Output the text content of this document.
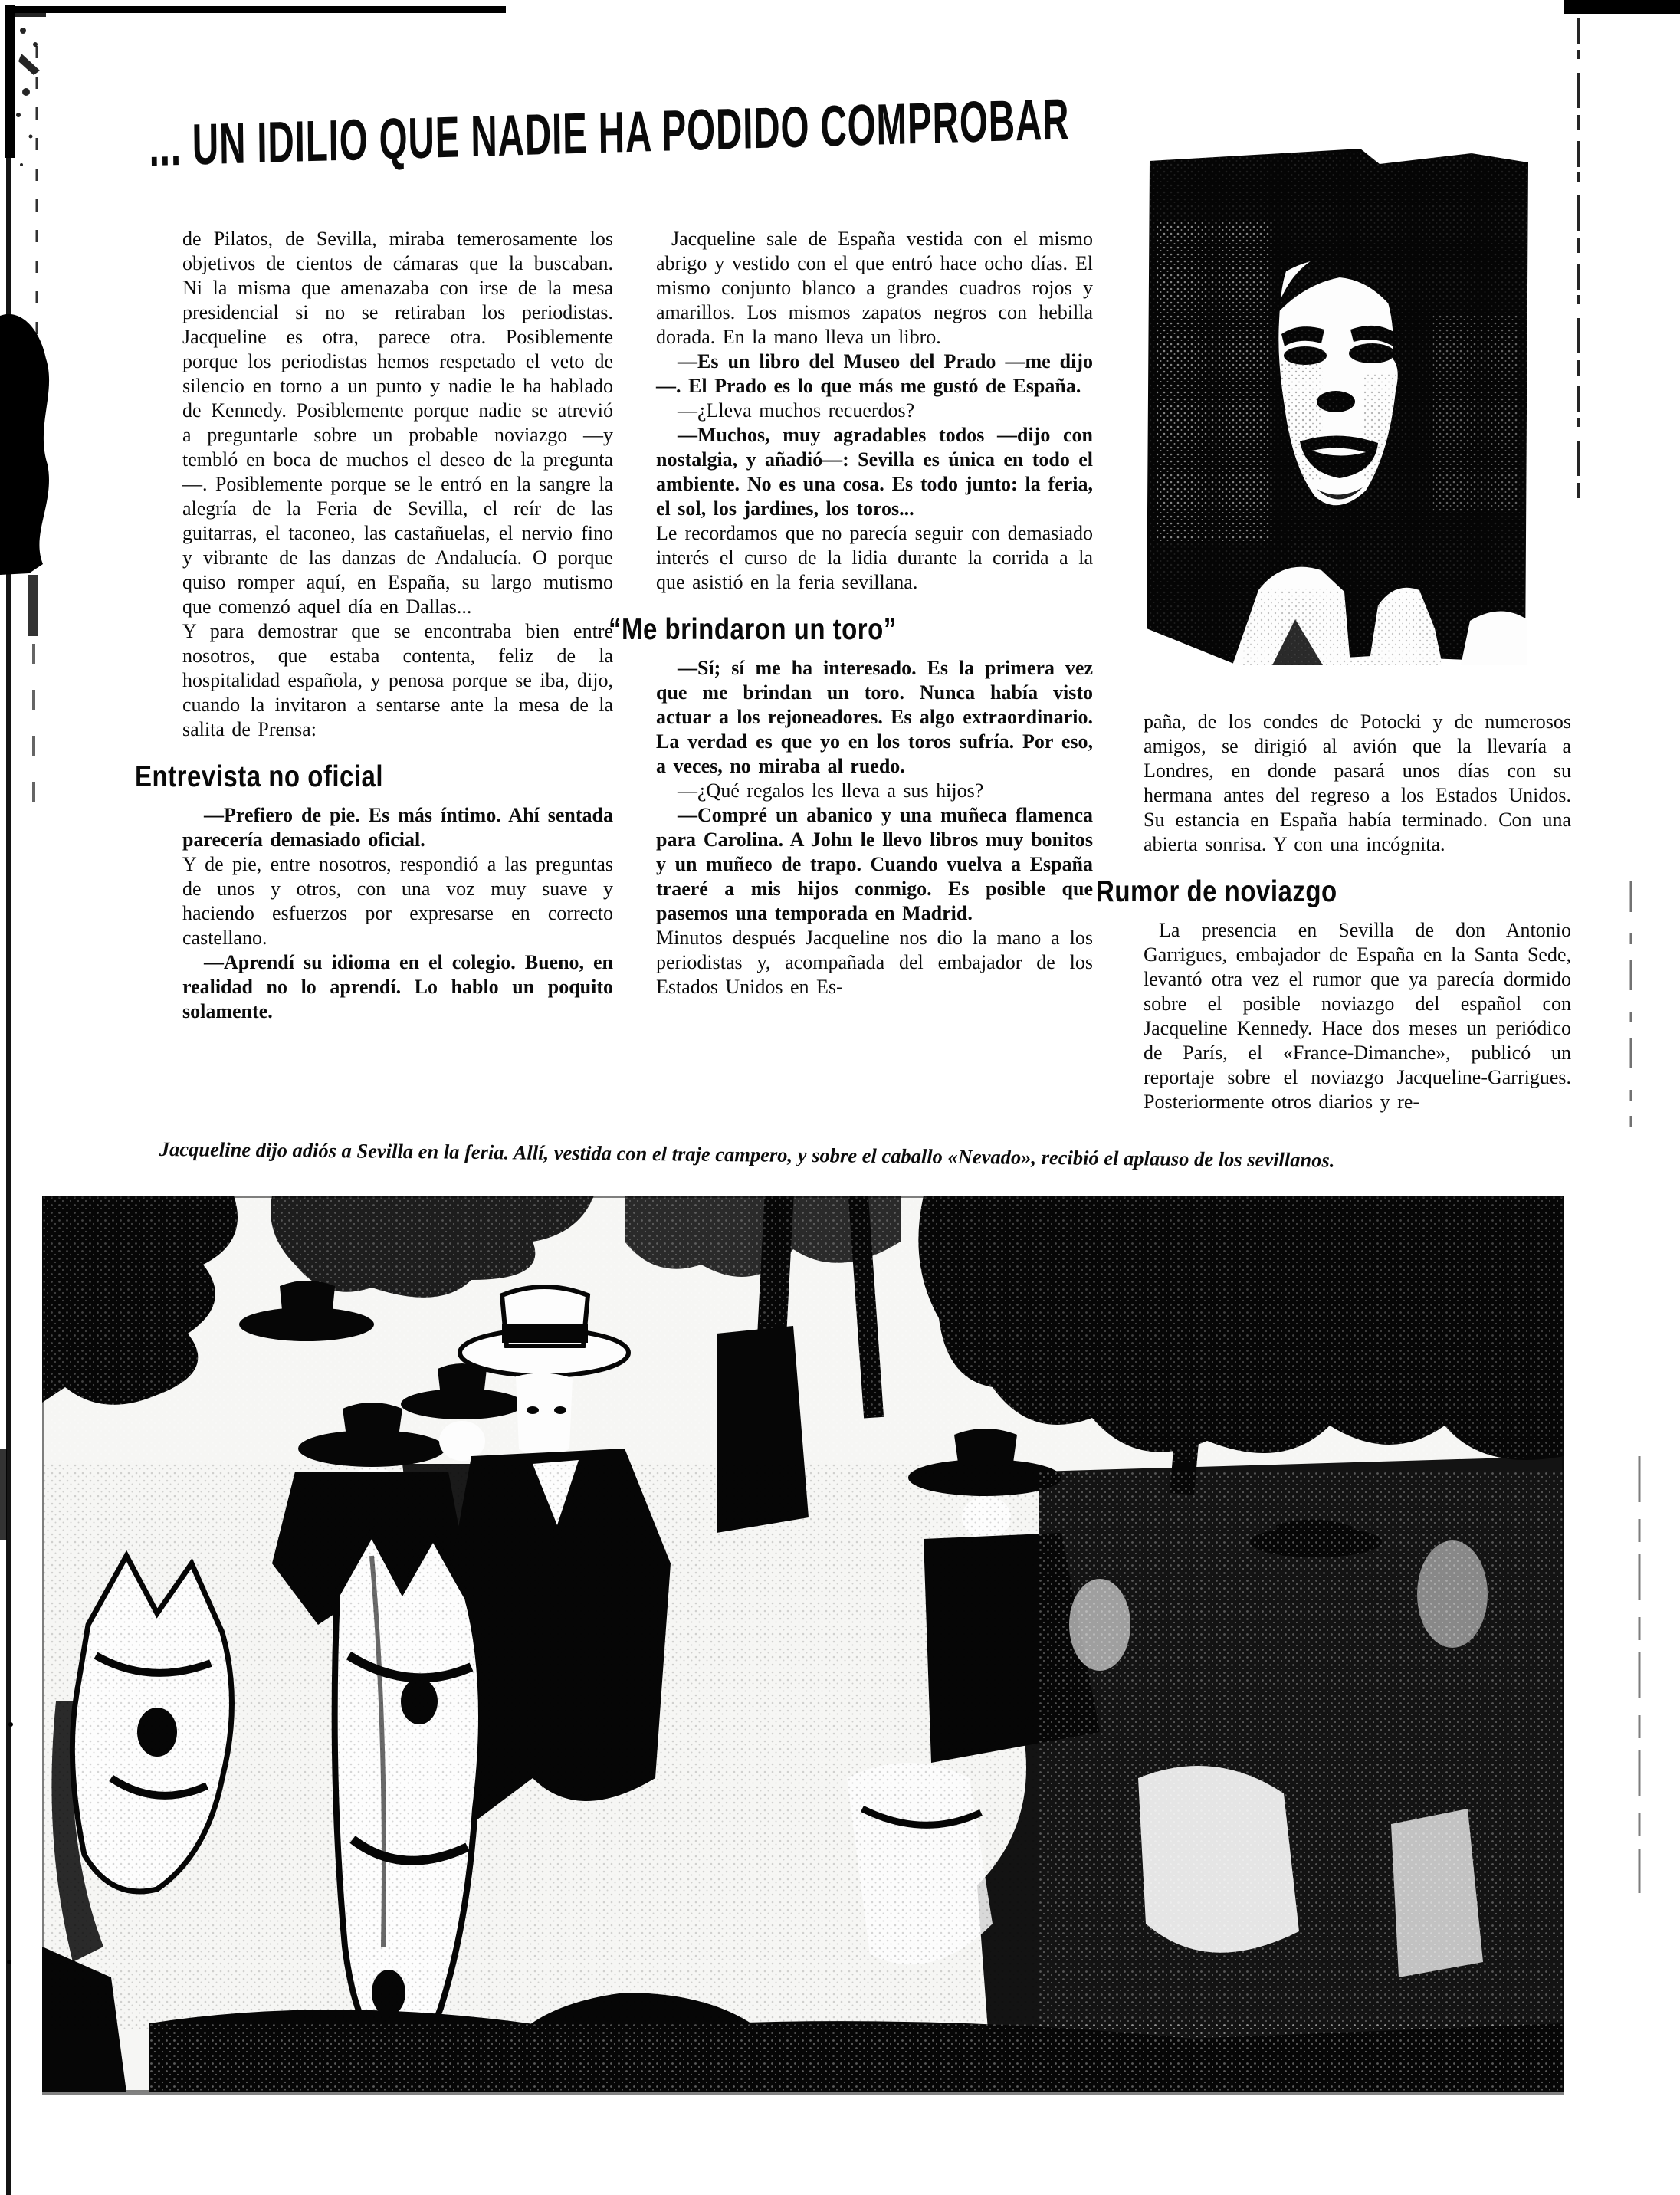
... UN IDILIO QUE NADIE HA PODIDO COMPROBAR

de Pilatos, de Sevilla, miraba temerosamente los objetivos de cientos de cámaras que la buscaban. Ni la misma que amenazaba con irse de la mesa presidencial si no se retiraban los periodistas. Jacqueline es otra, parece otra. Posiblemente porque los periodistas hemos respetado el veto de silencio en torno a un punto y nadie le ha hablado de Kennedy. Posiblemente porque nadie se atrevió a preguntarle sobre un probable noviazgo —y tembló en boca de muchos el deseo de la pregunta—. Posiblemente porque se le entró en la sangre la alegría de la Feria de Sevilla, el reír de las guitarras, el taconeo, las castañuelas, el nervio fino y vibrante de las danzas de Andalucía. O porque quiso romper aquí, en España, su largo mutismo que comenzó aquel día en Dallas...

Y para demostrar que se encontraba bien entre nosotros, que estaba contenta, feliz de la hospitalidad española, y penosa porque se iba, dijo, cuando la invitaron a sentarse ante la mesa de la salita de Prensa:

Entrevista no oficial

—Prefiero de pie. Es más íntimo. Ahí sentada parecería demasiado oficial.

Y de pie, entre nosotros, respondió a las preguntas de unos y otros, con una voz muy suave y haciendo esfuerzos por expresarse en correcto castellano.

—Aprendí su idioma en el colegio. Bueno, en realidad no lo aprendí. Lo hablo un poquito solamente.

Jacqueline sale de España vestida con el mismo abrigo y vestido con el que entró hace ocho días. El mismo conjunto blanco a grandes cuadros rojos y amarillos. Los mismos zapatos negros con hebilla dorada. En la mano lleva un libro.

—Es un libro del Museo del Prado —me dijo—. El Prado es lo que más me gustó de España.

—¿Lleva muchos recuerdos?

—Muchos, muy agradables todos —dijo con nostalgia, y añadió—: Sevilla es única en todo el ambiente. No es una cosa. Es todo junto: la feria, el sol, los jardines, los toros...

Le recordamos que no parecía seguir con demasiado interés el curso de la lidia durante la corrida a la que asistió en la feria sevillana.

“Me brindaron un toro”

—Sí; sí me ha interesado. Es la primera vez que me brindan un toro. Nunca había visto actuar a los rejoneadores. Es algo extraordinario. La verdad es que yo en los toros sufría. Por eso, a veces, no miraba al ruedo.

—¿Qué regalos les lleva a sus hijos?

—Compré un abanico y una muñeca flamenca para Carolina. A John le llevo libros muy bonitos y un muñeco de trapo. Cuando vuelva a España traeré a mis hijos conmigo. Es posible que pasemos una temporada en Madrid.

Minutos después Jacqueline nos dio la mano a los periodistas y, acompañada del embajador de los Estados Unidos en Es-

paña, de los condes de Potocki y de numerosos amigos, se dirigió al avión que la llevaría a Londres, en donde pasará unos días con su hermana antes del regreso a los Estados Unidos. Su estancia en España había terminado. Con una abierta sonrisa. Y con una incógnita.

Rumor de noviazgo

La presencia en Sevilla de don Antonio Garrigues, embajador de España en la Santa Sede, levantó otra vez el rumor que ya parecía dormido sobre el posible noviazgo del español con Jacqueline Kennedy. Hace dos meses un periódico de París, el «France-Dimanche», publicó un reportaje sobre el noviazgo Jacqueline-Garrigues. Posteriormente otros diarios y re-

Jacqueline dijo adiós a Sevilla en la feria. Allí, vestida con el traje campero, y sobre el caballo «Nevado», recibió el aplauso de los sevillanos.
